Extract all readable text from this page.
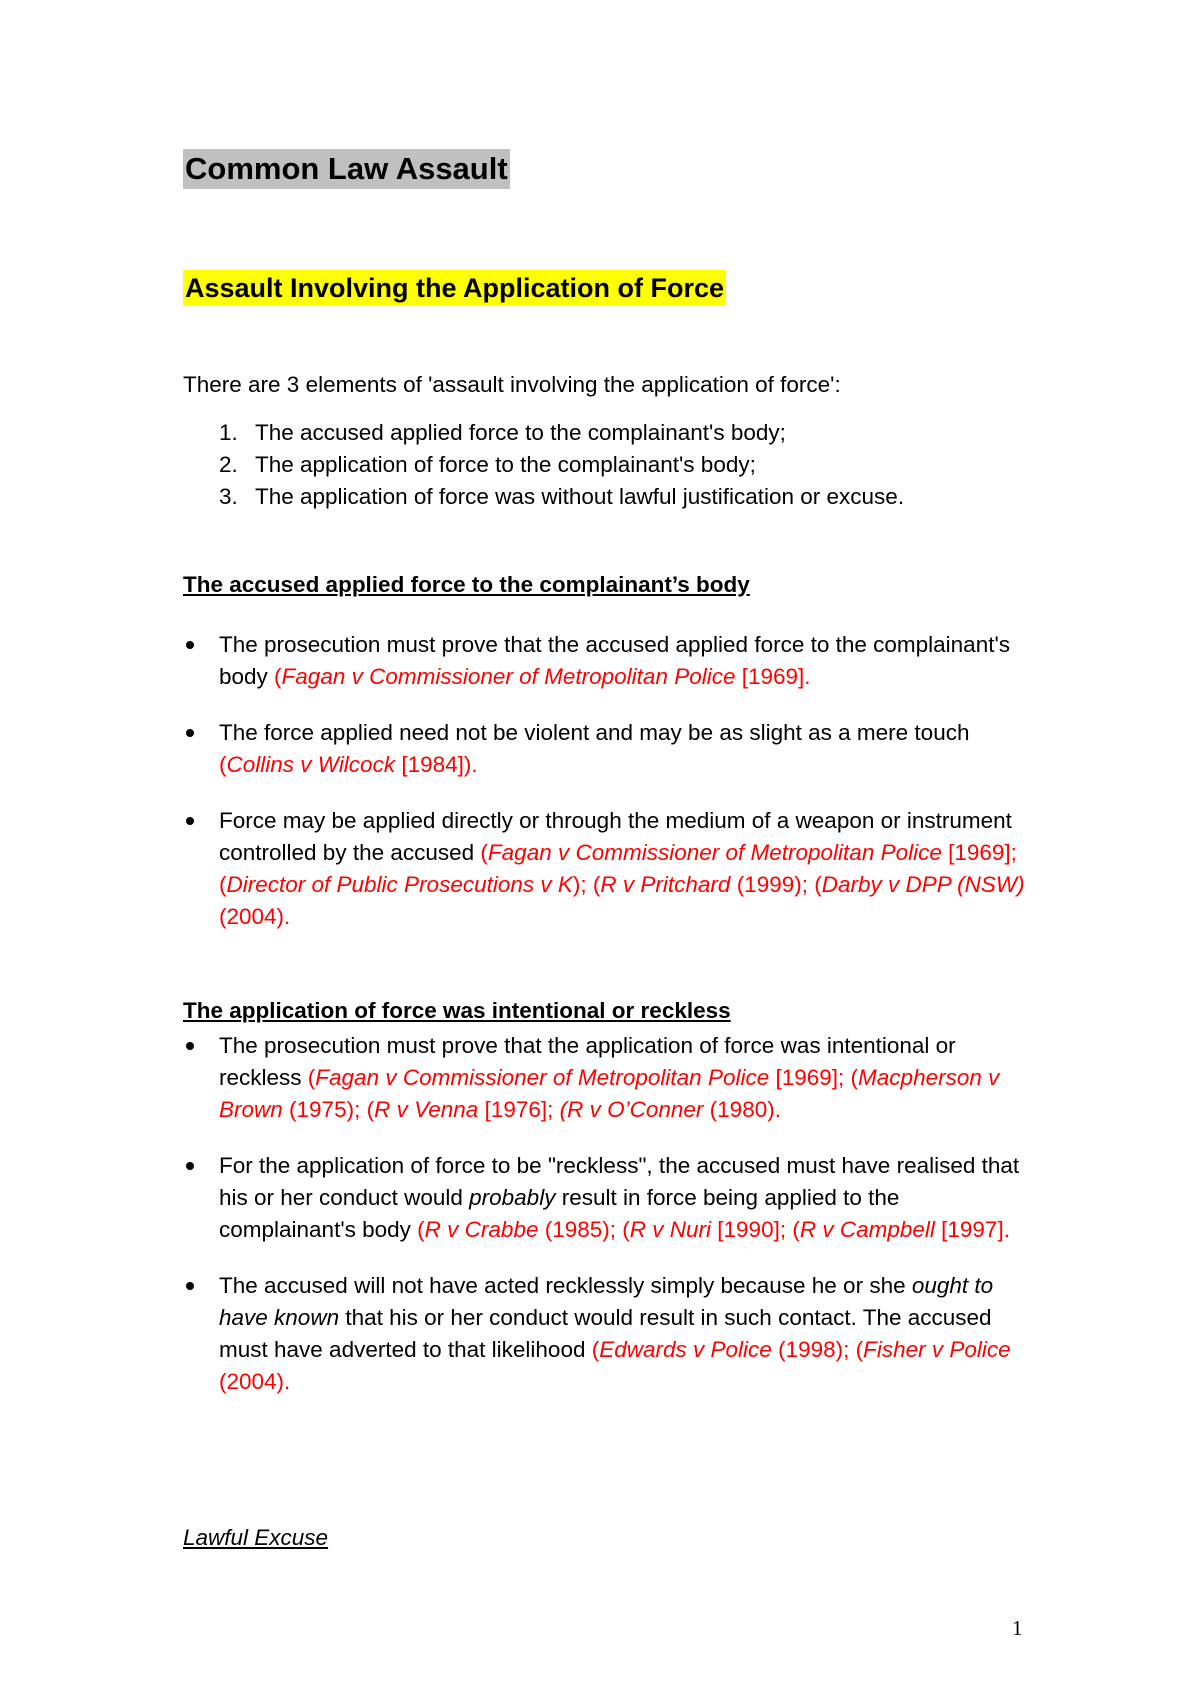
Common Law Assault
Assault Involving the Application of Force

There are 3 elements of 'assault involving the application of force':

1. The accused applied force to the complainant's body;
2. The application of force to the complainant's body;
3. The application of force was without lawful justification or excuse.
The accused applied force to the complainant’s body
The prosecution must prove that the accused applied force to the complainant's body (Fagan v Commissioner of Metropolitan Police [1969].
The force applied need not be violent and may be as slight as a mere touch (Collins v Wilcock [1984]).
Force may be applied directly or through the medium of a weapon or instrument controlled by the accused (Fagan v Commissioner of Metropolitan Police [1969]; (Director of Public Prosecutions v K); (R v Pritchard (1999); (Darby v DPP (NSW) (2004).
The application of force was intentional or reckless
The prosecution must prove that the application of force was intentional or reckless (Fagan v Commissioner of Metropolitan Police [1969]; (Macpherson v Brown (1975); (R v Venna [1976]; (R v O’Conner (1980).
For the application of force to be "reckless", the accused must have realised that his or her conduct would probably result in force being applied to the complainant's body (R v Crabbe (1985); (R v Nuri [1990]; (R v Campbell [1997].
The accused will not have acted recklessly simply because he or she ought to have known that his or her conduct would result in such contact. The accused must have adverted to that likelihood (Edwards v Police (1998); (Fisher v Police (2004).

Lawful Excuse

1
